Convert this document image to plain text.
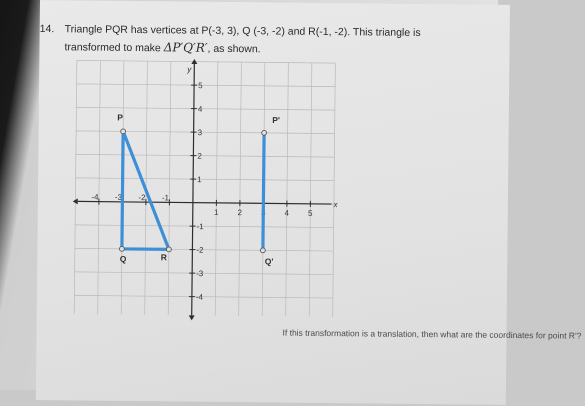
14. Triangle PQR has vertices at P(-3, 3), Q (-3, -2) and R(-1, -2). This triangle is
transformed to make ΔP′Q′R′, as shown.
-4 -3 -2 -1
1 2	4 5
5
4
3
2
1
-1
-2
-3
-4
x
y
P
Q	R
P'
Q'
If this transformation is a translation, then what are the coordinates for point R'?
